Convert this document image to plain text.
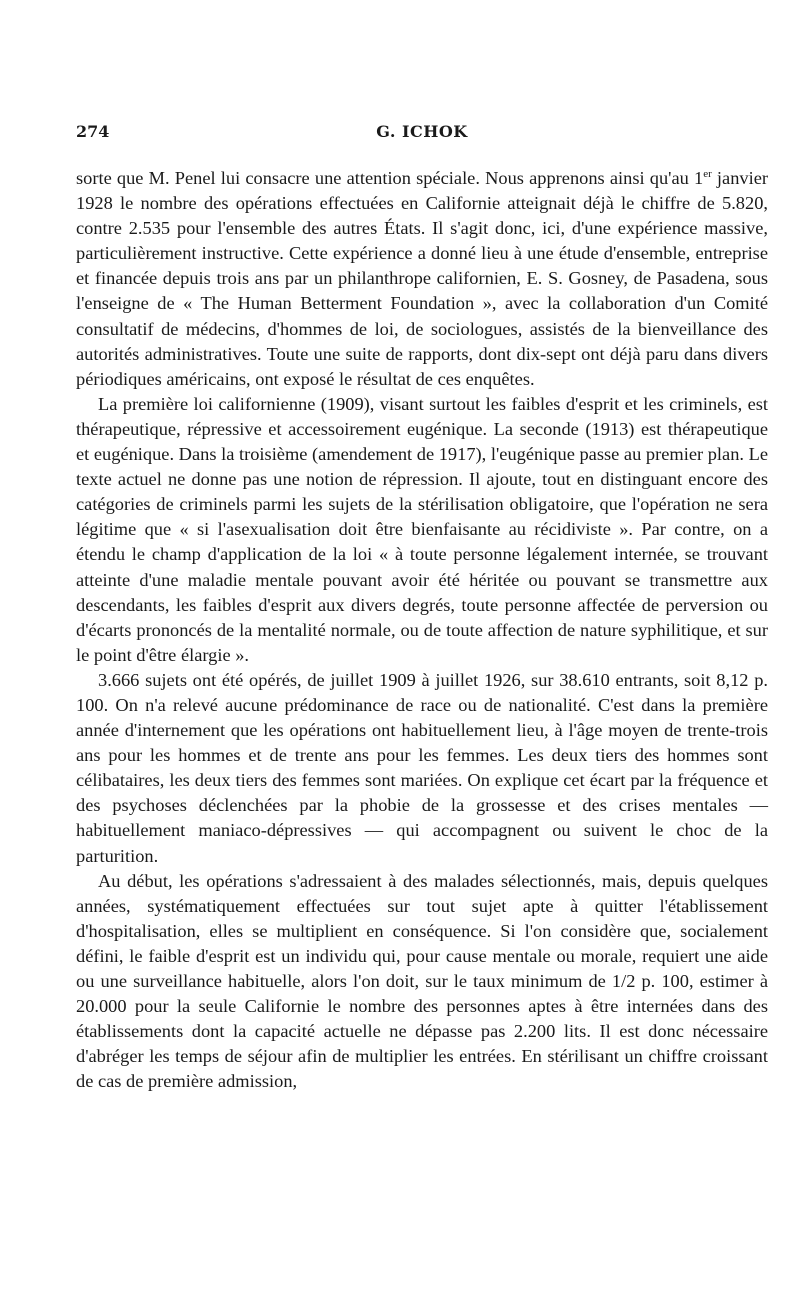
274	G. ICHOK

sorte que M. Penel lui consacre une attention spéciale. Nous apprenons ainsi qu'au 1er janvier 1928 le nombre des opérations effectuées en Californie atteignait déjà le chiffre de 5.820, contre 2.535 pour l'ensemble des autres États. Il s'agit donc, ici, d'une expérience massive, particulièrement instructive. Cette expérience a donné lieu à une étude d'ensemble, entreprise et financée depuis trois ans par un philanthrope californien, E. S. Gosney, de Pasadena, sous l'enseigne de « The Human Betterment Foundation », avec la collaboration d'un Comité consultatif de médecins, d'hommes de loi, de sociologues, assistés de la bienveillance des autorités administratives. Toute une suite de rapports, dont dix-sept ont déjà paru dans divers périodiques américains, ont exposé le résultat de ces enquêtes.

La première loi californienne (1909), visant surtout les faibles d'esprit et les criminels, est thérapeutique, répressive et accessoirement eugénique. La seconde (1913) est thérapeutique et eugénique. Dans la troisième (amendement de 1917), l'eugénique passe au premier plan. Le texte actuel ne donne pas une notion de répression. Il ajoute, tout en distinguant encore des catégories de criminels parmi les sujets de la stérilisation obligatoire, que l'opération ne sera légitime que « si l'asexualisation doit être bienfaisante au récidiviste ». Par contre, on a étendu le champ d'application de la loi « à toute personne légalement internée, se trouvant atteinte d'une maladie mentale pouvant avoir été héritée ou pouvant se transmettre aux descendants, les faibles d'esprit aux divers degrés, toute personne affectée de perversion ou d'écarts prononcés de la mentalité normale, ou de toute affection de nature syphilitique, et sur le point d'être élargie ».

3.666 sujets ont été opérés, de juillet 1909 à juillet 1926, sur 38.610 entrants, soit 8,12 p. 100. On n'a relevé aucune prédominance de race ou de nationalité. C'est dans la première année d'internement que les opérations ont habituellement lieu, à l'âge moyen de trente-trois ans pour les hommes et de trente ans pour les femmes. Les deux tiers des hommes sont célibataires, les deux tiers des femmes sont mariées. On explique cet écart par la fréquence et des psychoses déclenchées par la phobie de la grossesse et des crises mentales — habituellement maniaco-dépressives — qui accompagnent ou suivent le choc de la parturition.

Au début, les opérations s'adressaient à des malades sélectionnés, mais, depuis quelques années, systématiquement effectuées sur tout sujet apte à quitter l'établissement d'hospitalisation, elles se multiplient en conséquence. Si l'on considère que, socialement défini, le faible d'esprit est un individu qui, pour cause mentale ou morale, requiert une aide ou une surveillance habituelle, alors l'on doit, sur le taux minimum de 1/2 p. 100, estimer à 20.000 pour la seule Californie le nombre des personnes aptes à être internées dans des établissements dont la capacité actuelle ne dépasse pas 2.200 lits. Il est donc nécessaire d'abréger les temps de séjour afin de multiplier les entrées. En stérilisant un chiffre croissant de cas de première admission,
